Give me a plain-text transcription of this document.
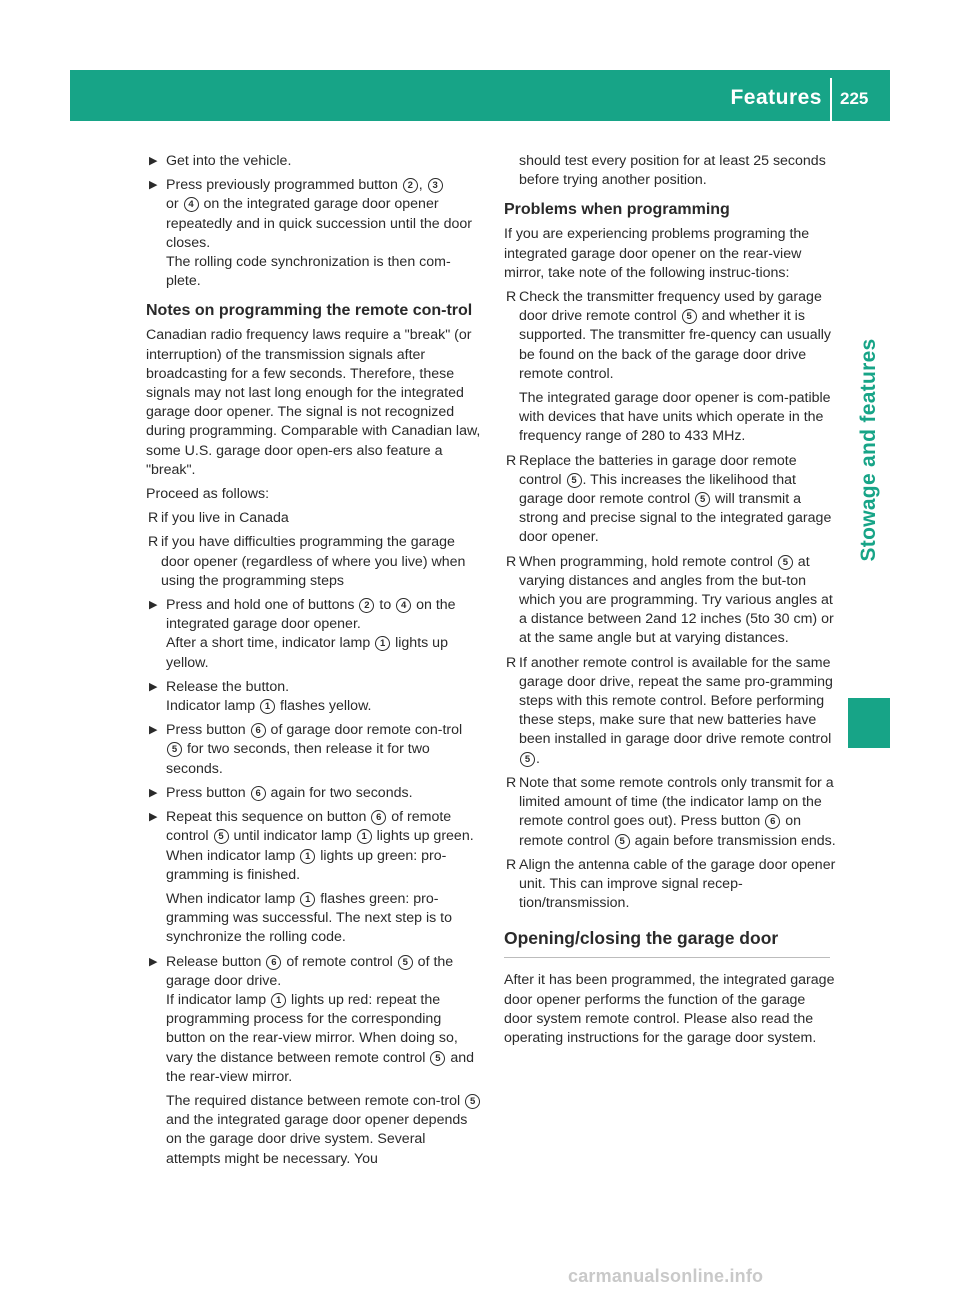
Features 225
Stowage and features
▶ Get into the vehicle.
▶ Press previously programmed button 2 , 3
or 4 on the integrated garage door opener repeatedly and in quick succession until the door closes.
The rolling code synchronization is then com-plete.
Notes on programming the remote con-trol
Canadian radio frequency laws require a "break" (or interruption) of the transmission signals after broadcasting for a few seconds. Therefore, these signals may not last long enough for the integrated garage door opener. The signal is not recognized during programming. Comparable with Canadian law, some U.S. garage door open-ers also feature a "break".
Proceed as follows:
R if you live in Canada
R if you have difficulties programming the garage door opener (regardless of where you live) when using the programming steps
▶ Press and hold one of buttons 2 to 4 on the integrated garage door opener.
After a short time, indicator lamp 1 lights up yellow.
▶ Release the button.
Indicator lamp 1 flashes yellow.
▶ Press button 6 of garage door remote con-trol 5 for two seconds, then release it for two seconds.
▶ Press button 6 again for two seconds.
▶ Repeat this sequence on button 6 of remote control 5 until indicator lamp 1 lights up green.
When indicator lamp 1 lights up green: pro-gramming is finished.
When indicator lamp 1 flashes green: pro-gramming was successful. The next step is to synchronize the rolling code.
▶ Release button 6 of remote control 5 of the garage door drive.
If indicator lamp 1 lights up red: repeat the programming process for the corresponding button on the rear-view mirror. When doing so, vary the distance between remote control 5 and the rear-view mirror.
The required distance between remote con-trol 5 and the integrated garage door opener depends on the garage door drive system. Several attempts might be necessary. You
should test every position for at least 25 seconds before trying another position.
Problems when programming
If you are experiencing problems programing the integrated garage door opener on the rear-view mirror, take note of the following instruc-tions:
R Check the transmitter frequency used by garage door drive remote control 5 and whether it is supported. The transmitter fre-quency can usually be found on the back of the garage door drive remote control.
The integrated garage door opener is com-patible with devices that have units which operate in the frequency range of 280 to 433 MHz.
R Replace the batteries in garage door remote control 5 . This increases the likelihood that garage door remote control 5 will transmit a strong and precise signal to the integrated garage door opener.
R When programming, hold remote control 5 at varying distances and angles from the but-ton which you are programming. Try various angles at a distance between 2and 12 inches (5to 30 cm) or at the same angle but at varying distances.
R If another remote control is available for the same garage door drive, repeat the same pro-gramming steps with this remote control. Before performing these steps, make sure that new batteries have been installed in garage door drive remote control 5 .
R Note that some remote controls only transmit for a limited amount of time (the indicator lamp on the remote control goes out). Press button 6 on remote control 5 again before transmission ends.
R Align the antenna cable of the garage door opener unit. This can improve signal recep-tion/transmission.
Opening/closing the garage door
After it has been programmed, the integrated garage door opener performs the function of the garage door system remote control. Please also read the operating instructions for the garage door system.
carmanualsonline.info
